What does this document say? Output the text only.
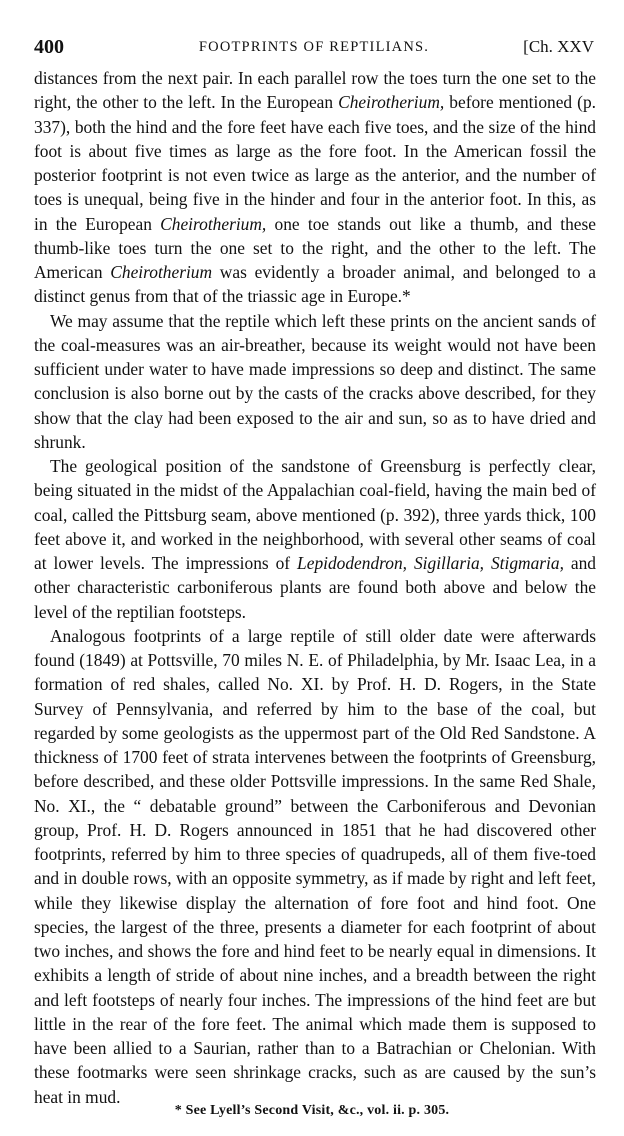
400	FOOTPRINTS OF REPTILIANS.	[Ch. XXV

distances from the next pair. In each parallel row the toes turn the one set to the right, the other to the left. In the European Cheirotherium, before mentioned (p. 337), both the hind and the fore feet have each five toes, and the size of the hind foot is about five times as large as the fore foot. In the American fossil the posterior footprint is not even twice as large as the anterior, and the number of toes is unequal, being five in the hinder and four in the anterior foot. In this, as in the European Cheirotherium, one toe stands out like a thumb, and these thumb-like toes turn the one set to the right, and the other to the left. The American Cheirotherium was evidently a broader animal, and belonged to a distinct genus from that of the triassic age in Europe.*

We may assume that the reptile which left these prints on the ancient sands of the coal-measures was an air-breather, because its weight would not have been sufficient under water to have made impressions so deep and distinct. The same conclusion is also borne out by the casts of the cracks above described, for they show that the clay had been exposed to the air and sun, so as to have dried and shrunk.

The geological position of the sandstone of Greensburg is perfectly clear, being situated in the midst of the Appalachian coal-field, having the main bed of coal, called the Pittsburg seam, above mentioned (p. 392), three yards thick, 100 feet above it, and worked in the neighborhood, with several other seams of coal at lower levels. The impressions of Lepidodendron, Sigillaria, Stigmaria, and other characteristic carboniferous plants are found both above and below the level of the reptilian footsteps.

Analogous footprints of a large reptile of still older date were afterwards found (1849) at Pottsville, 70 miles N. E. of Philadelphia, by Mr. Isaac Lea, in a formation of red shales, called No. XI. by Prof. H. D. Rogers, in the State Survey of Pennsylvania, and referred by him to the base of the coal, but regarded by some geologists as the uppermost part of the Old Red Sandstone. A thickness of 1700 feet of strata intervenes between the footprints of Greensburg, before described, and these older Pottsville impressions. In the same Red Shale, No. XI., the “ debatable ground” between the Carboniferous and Devonian group, Prof. H. D. Rogers announced in 1851 that he had discovered other footprints, referred by him to three species of quadrupeds, all of them five-toed and in double rows, with an opposite symmetry, as if made by right and left feet, while they likewise display the alternation of fore foot and hind foot. One species, the largest of the three, presents a diameter for each footprint of about two inches, and shows the fore and hind feet to be nearly equal in dimensions. It exhibits a length of stride of about nine inches, and a breadth between the right and left footsteps of nearly four inches. The impressions of the hind feet are but little in the rear of the fore feet. The animal which made them is supposed to have been allied to a Saurian, rather than to a Batrachian or Chelonian. With these footmarks were seen shrinkage cracks, such as are caused by the sun’s heat in mud.

* See Lyell’s Second Visit, &c., vol. ii. p. 305.
